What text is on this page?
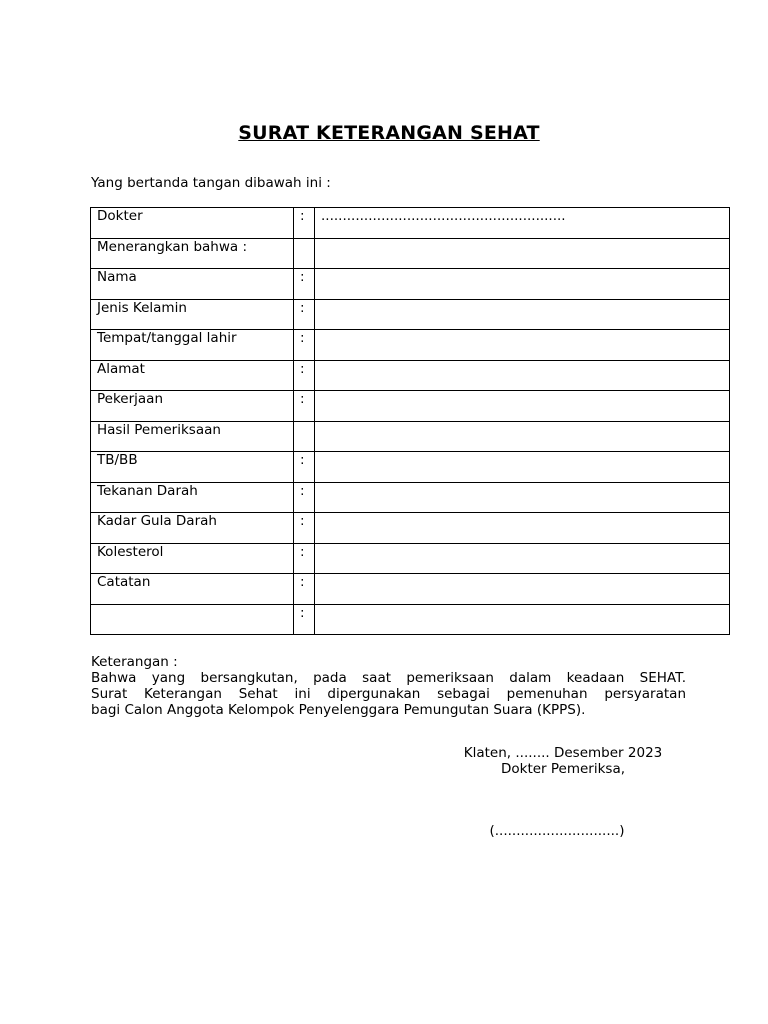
SURAT KETERANGAN SEHAT
Yang bertanda tangan dibawah ini :
Dokter	:	.........................................................
Menerangkan bahwa :		
Nama	:	
Jenis Kelamin	:	
Tempat/tanggal lahir	:	
Alamat	:	
Pekerjaan	:	
Hasil Pemeriksaan		
TB/BB	:	
Tekanan Darah	:	
Kadar Gula Darah	:	
Kolesterol	:	
Catatan	:	
	:	
Keterangan :
Bahwa yang bersangkutan, pada saat pemeriksaan dalam keadaan SEHAT.
Surat Keterangan Sehat ini dipergunakan sebagai pemenuhan persyaratan
bagi Calon Anggota Kelompok Penyelenggara Pemungutan Suara (KPPS).
Klaten, ........ Desember 2023
Dokter Pemeriksa,
(.............................)
